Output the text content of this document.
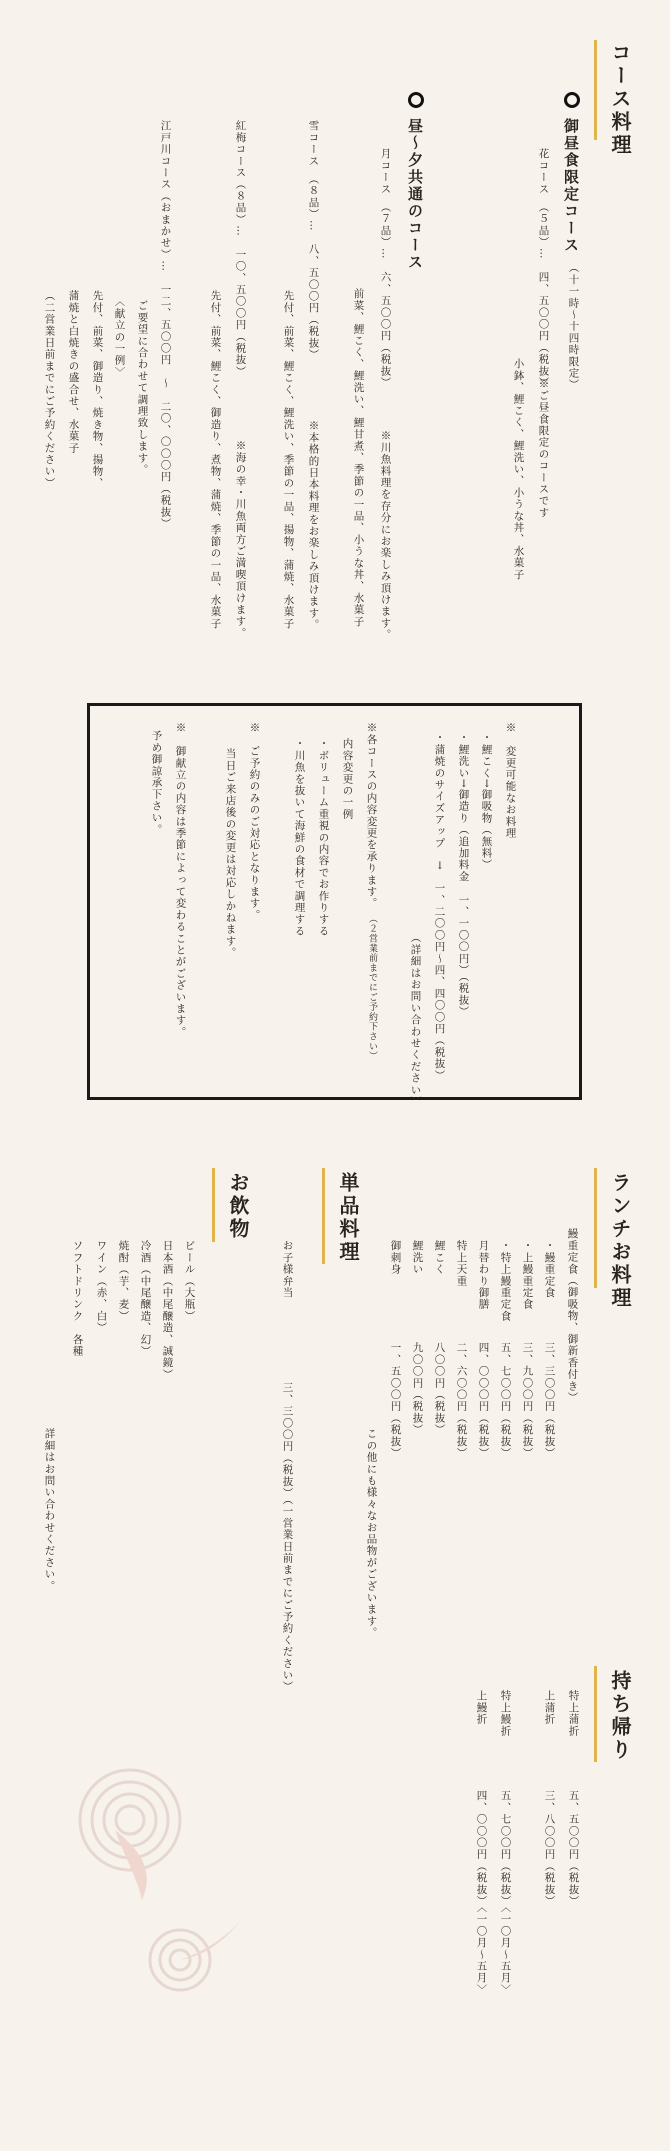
コース料理
御昼食限定コース
（十一時〜十四時限定）
花コース　（５品）…　四、五〇〇円（税抜）
※ご昼食限定のコースです
小鉢、鯉こく、鯉洗い、小うな丼、水菓子
昼〜夕共通のコース
月コース　（７品）…　六、五〇〇円（税抜）
前菜、鯉こく、鯉洗い、鯉甘煮、季節の一品、小うな丼、水菓子 ※川魚料理を存分にお楽しみ頂けます。
雪コース　（８品）…　八、五〇〇円（税抜）
※本格的日本料理をお楽しみ頂けます。
先付、前菜、鯉こく、鯉洗い、季節の一品、揚物、蒲焼、水菓子
紅梅コース（８品）…　一〇、五〇〇円（税抜）
※海の幸・川魚両方ご満喫頂けます。
先付、前菜、鯉こく、御造り、煮物、蒲焼、季節の一品、水菓子
江戸川コース（おまかせ）…　一二、五〇〇円　〜　二〇、〇〇〇円（税抜）
ご要望に合わせて調理致します。
〈献立の一例〉
先付、前菜、御造り、焼き物、揚物、
蒲焼と白焼きの盛合せ、水菓子
（二営業日前までにご予約ください）
※　変更可能なお料理
・鯉こく→御吸物（無料）
・鯉洗い→御造り（追加料金　一、一〇〇円）（税抜）
・蒲焼のサイズアップ　→　一、二〇〇円〜四、四〇〇円（税抜）
（詳細はお問い合わせください）
※各コースの内容変更を承ります。
（２営業前までにご予約下さい）
内容変更の一例
・ボリューム重視の内容でお作りする
・川魚を抜いて海鮮の食材で調理する
※　ご予約のみのご対応となります。
当日ご来店後の変更は対応しかねます。
※　御献立の内容は季節によって変わることがございます。
予め御諒承下さい。
ランチお料理
鰻重定食（御吸物、御新香付き）
・鰻重定食
三、三〇〇円（税抜）
・上鰻重定食
三、九〇〇円（税抜）
・特上鰻重定食
五、七〇〇円（税抜）
月替わり御膳
四、〇〇〇円（税抜）
特上天重
二、六〇〇円（税抜）
鯉こく
八〇〇円（税抜）
鯉洗い
九〇〇円（税抜）
御刺身
一、五〇〇円（税抜）
この他にも様々なお品物がございます。
単品料理
お子様弁当
三、三〇〇円（税抜）（一営業日前までにご予約ください）
お飲物
ビール（大瓶）
日本酒（中尾醸造、誠鏡）
冷酒（中尾醸造、幻）
焼酎（芋、麦）
ワイン（赤、白）
ソフトドリンク　各種
詳細はお問い合わせください。
持ち帰り
特上蒲折
五、五〇〇円（税抜）
上蒲折
三、八〇〇円（税抜）
特上鰻折
五、七〇〇円（税抜）〈一〇月〜五月〉
上鰻折
四、〇〇〇円（税抜）〈一〇月〜五月〉
